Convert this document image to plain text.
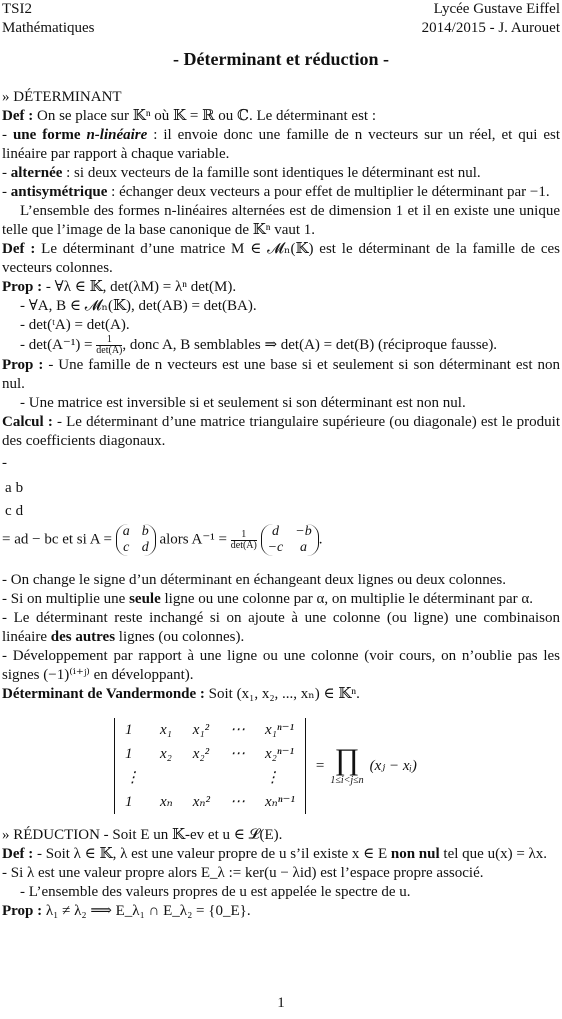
TSI2
Mathématiques
Lycée Gustave Eiffel
2014/2015 - J. Aurouet
- Déterminant et réduction -

» DÉTERMINANT

Def : On se place sur 𝕂ⁿ où 𝕂 = ℝ ou ℂ. Le déterminant est :

- une forme n-linéaire : il envoie donc une famille de n vecteurs sur un réel, et qui est linéaire par rapport à chaque variable.

- alternée : si deux vecteurs de la famille sont identiques le déterminant est nul.

- antisymétrique : échanger deux vecteurs a pour effet de multiplier le déterminant par −1.

L’ensemble des formes n-linéaires alternées est de dimension 1 et il en existe une unique telle que l’image de la base canonique de 𝕂ⁿ vaut 1.

Def : Le déterminant d’une matrice M ∈ 𝓜ₙ(𝕂) est le déterminant de la famille de ces vecteurs colonnes.

Prop : - ∀λ ∈ 𝕂, det(λM) = λⁿ det(M).

- ∀A, B ∈ 𝓜ₙ(𝕂), det(AB) = det(BA).

- det(ᵗA) = det(A).

- $\det(A^{-1}) = \frac{1}{\det(A)}$ , donc A, B semblables ⇒ det(A) = det(B) (réciproque fausse).

Prop : - Une famille de n vecteurs est une base si et seulement si son déterminant est non nul.

- Une matrice est inversible si et seulement si son déterminant est non nul.

Calcul : - Le déterminant d’une matrice triangulaire supérieure (ou diagonale) est le produit des coefficients diagonaux.

-

a	b
c	d
= ad − bc et si A = a	b
c	d
alors $A^{-1} = \frac{1}{\det(A)}$
d	−b
−c	a
.

- On change le signe d’un déterminant en échangeant deux lignes ou deux colonnes.

- Si on multiplie une seule ligne ou une colonne par α, on multiplie le déterminant par α.

- Le déterminant reste inchangé si on ajoute à une colonne (ou ligne) une combinaison linéaire des autres lignes (ou colonnes).

- Développement par rapport à une ligne ou une colonne (voir cours, on n’oublie pas les signes (−1)⁽ⁱ⁺ʲ⁾ en développant).

Déterminant de Vandermonde : Soit (x₁, x₂, ..., xₙ) ∈ 𝕂ⁿ.

1	x₁	x₁²	⋯	x₁ⁿ⁻¹
1	x₂	x₂²	⋯	x₂ⁿ⁻¹
⋮				⋮
1	xₙ	xₙ²	⋯	xₙⁿ⁻¹
= ∏
1≤i<j≤n
(xⱼ − xᵢ)

» RÉDUCTION - Soit E un 𝕂-ev et u ∈ 𝓛(E).

Def : - Soit λ ∈ 𝕂, λ est une valeur propre de u s’il existe x ∈ E non nul tel que u(x) = λx.

- Si λ est une valeur propre alors E_λ := ker(u − λid) est l’espace propre associé.

- L’ensemble des valeurs propres de u est appelée le spectre de u.

Prop : λ₁ ≠ λ₂ ⟹ E_λ₁ ∩ E_λ₂ = {0_E}.

1
